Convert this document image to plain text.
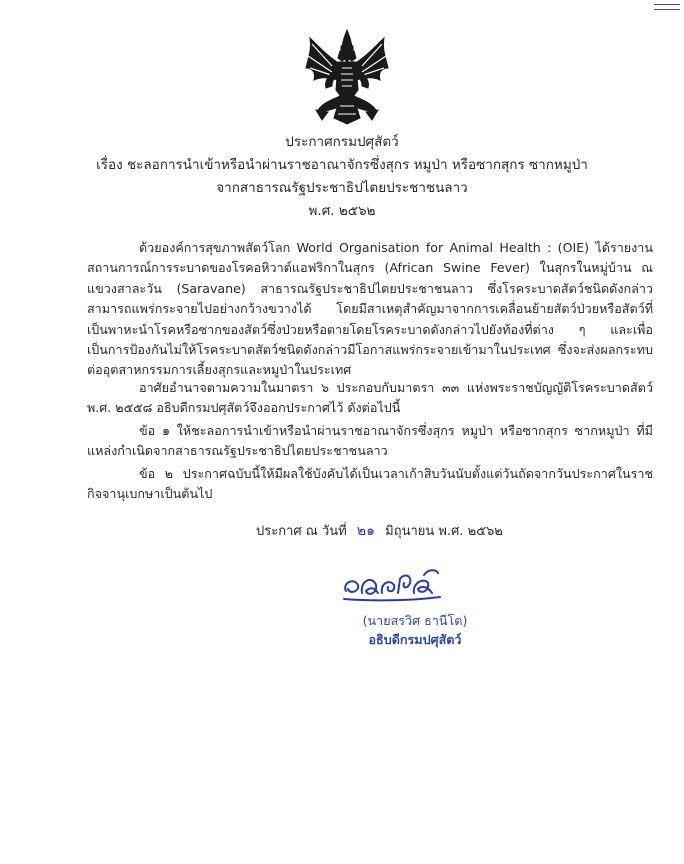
ประกาศกรมปศุสัตว์
เรื่อง ชะลอการนำเข้าหรือนำผ่านราชอาณาจักรซึ่งสุกร หมูป่า หรือซากสุกร ซากหมูป่า
จากสาธารณรัฐประชาธิปไตยประชาชนลาว
พ.ศ. ๒๕๖๒

ด้วยองค์การสุขภาพสัตว์โลก World Organisation for Animal Health : (OIE) ได้รายงานสถานการณ์การระบาดของโรคอหิวาต์แอฟริกาในสุกร (African Swine Fever) ในสุกรในหมู่บ้าน ณ แขวงสาละวัน (Saravane) สาธารณรัฐประชาธิปไตยประชาชนลาว ซึ่งโรคระบาดสัตว์ชนิดดังกล่าวสามารถแพร่กระจายไปอย่างกว้างขวางได้ โดยมีสาเหตุสำคัญมาจากการเคลื่อนย้ายสัตว์ป่วยหรือสัตว์ที่เป็นพาหะนำโรคหรือซากของสัตว์ซึ่งป่วยหรือตายโดยโรคระบาดดังกล่าวไปยังท้องที่ต่าง ๆ และเพื่อเป็นการป้องกันไม่ให้โรคระบาดสัตว์ชนิดดังกล่าวมีโอกาสแพร่กระจายเข้ามาในประเทศ ซึ่งจะส่งผลกระทบต่ออุตสาหกรรมการเลี้ยงสุกรและหมูป่าในประเทศ

อาศัยอำนาจตามความในมาตรา ๖ ประกอบกับมาตรา ๓๓ แห่งพระราชบัญญัติโรคระบาดสัตว์ พ.ศ. ๒๕๕๘ อธิบดีกรมปศุสัตว์จึงออกประกาศไว้ ดังต่อไปนี้

ข้อ ๑ ให้ชะลอการนำเข้าหรือนำผ่านราชอาณาจักรซึ่งสุกร หมูป่า หรือซากสุกร ซากหมูป่า ที่มีแหล่งกำเนิดจากสาธารณรัฐประชาธิปไตยประชาชนลาว

ข้อ ๒ ประกาศฉบับนี้ให้มีผลใช้บังคับได้เป็นเวลาเก้าสิบวันนับตั้งแต่วันถัดจากวันประกาศในราชกิจจานุเบกษาเป็นต้นไป

ประกาศ ณ วันที่ ๒๑ มิถุนายน พ.ศ. ๒๕๖๒
(นายสรวิศ ธานีโต)
อธิบดีกรมปศุสัตว์
